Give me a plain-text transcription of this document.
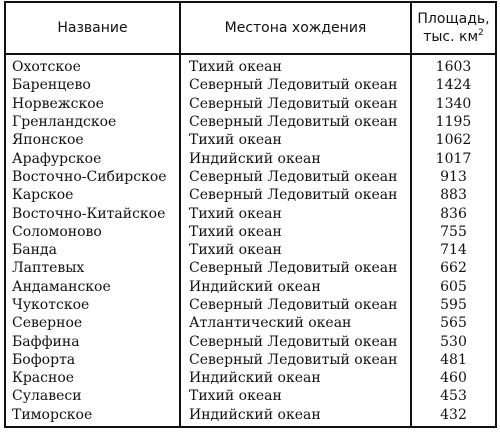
Название	Местона хождения	Площадь,
тыс. $км^2$

Охотское	Тихий океан	1603
Баренцево	Северный Ледовитый океан	1424
Норвежское	Северный Ледовитый океан	1340
Гренландское	Северный Ледовитый океан	1195
Японское	Тихий океан	1062
Арафурское	Индийский океан	1017
Восточно-Сибирское	Северный Ледовитый океан	913
Карское	Северный Ледовитый океан	883
Восточно-Китайское	Тихий океан	836
Соломоново	Тихий океан	755
Банда	Тихий океан	714
Лаптевых	Северный Ледовитый океан	662
Андаманское	Индийский океан	605
Чукотское	Северный Ледовитый океан	595
Северное	Атлантический океан	565
Баффина	Северный Ледовитый океан	530
Бофорта	Северный Ледовитый океан	481
Красное	Индийский океан	460
Сулавеси	Тихий океан	453
Тиморское	Индийский океан	432
